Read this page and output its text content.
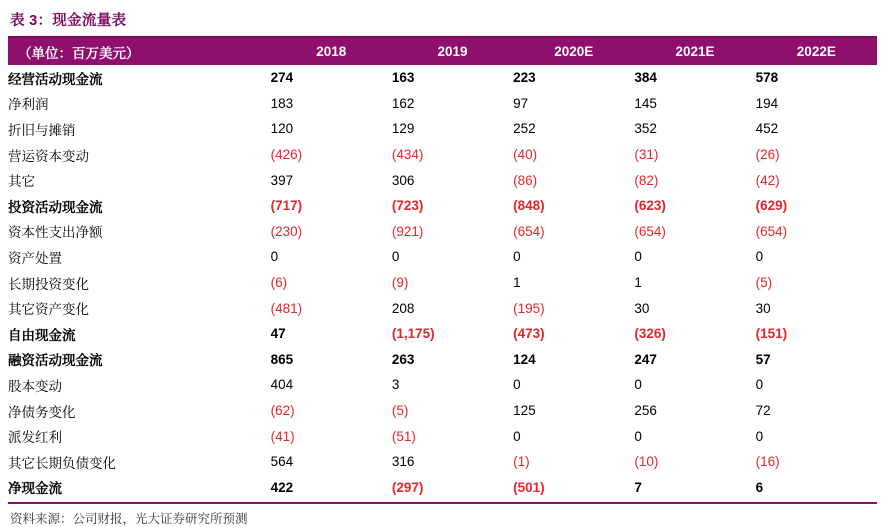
表 3：现金流量表
（单位：百万美元）	2018	2019	2020E	2021E	2022E
经营活动现金流	274	163	223	384	578
净利润	183	162	97	145	194
折旧与摊销	120	129	252	352	452
营运资本变动	(426)	(434)	(40)	(31)	(26)
其它	397	306	(86)	(82)	(42)
投资活动现金流	(717)	(723)	(848)	(623)	(629)
资本性支出净额	(230)	(921)	(654)	(654)	(654)
资产处置	0	0	0	0	0
长期投资变化	(6)	(9)	1	1	(5)
其它资产变化	(481)	208	(195)	30	30
自由现金流	47	(1,175)	(473)	(326)	(151)
融资活动现金流	865	263	124	247	57
股本变动	404	3	0	0	0
净债务变化	(62)	(5)	125	256	72
派发红利	(41)	(51)	0	0	0
其它长期负债变化	564	316	(1)	(10)	(16)
净现金流	422	(297)	(501)	7	6
资料来源：公司财报，光大证券研究所预测
